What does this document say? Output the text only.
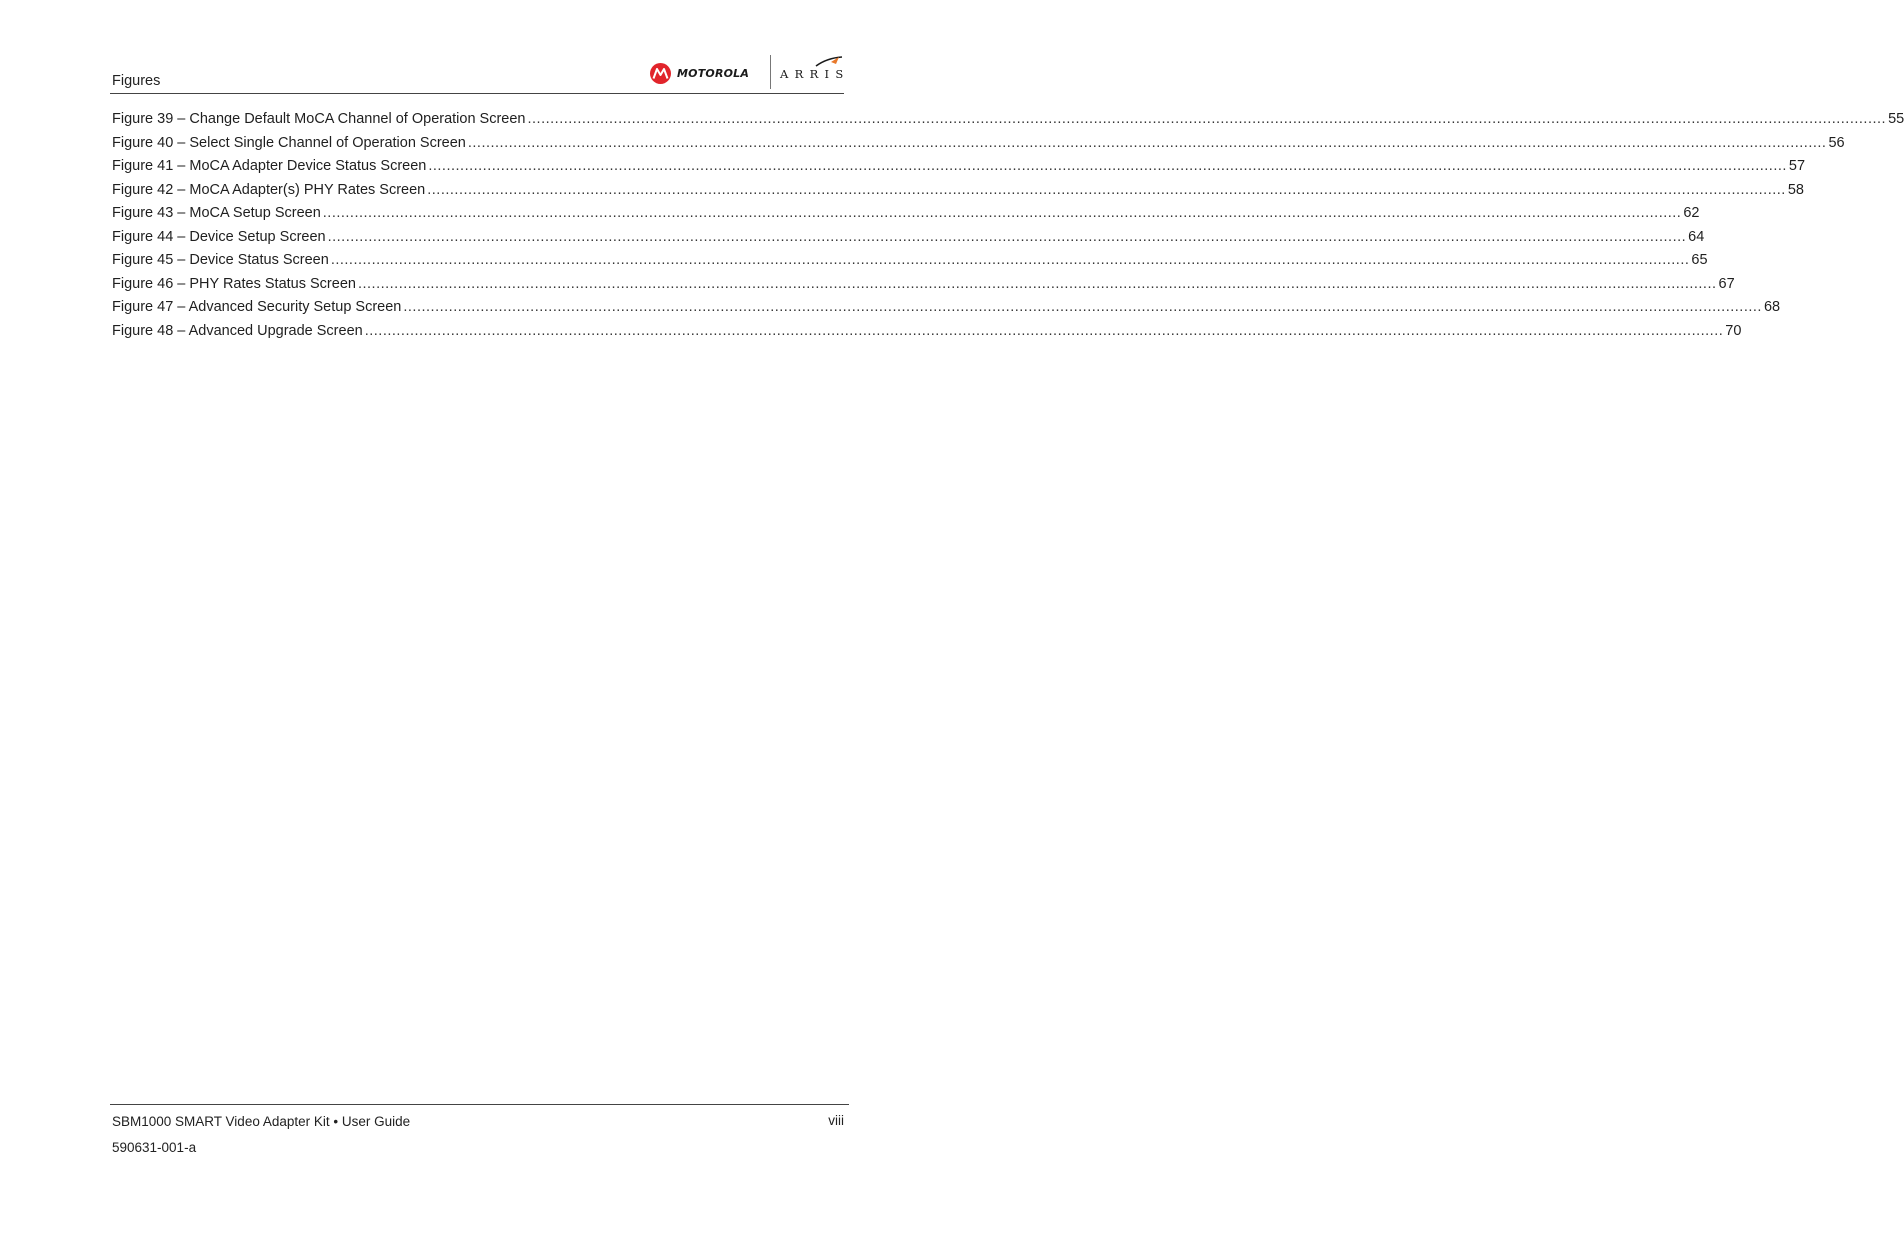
Figures	MOTOROLA	ARRIS
Figure 39 – Change Default MoCA Channel of Operation Screen ............................................................................................................................................................................................................................................................................................................ 55
Figure 40 – Select Single Channel of Operation Screen ............................................................................................................................................................................................................................................................................................................ 56
Figure 41 – MoCA Adapter Device Status Screen ............................................................................................................................................................................................................................................................................................................ 57
Figure 42 – MoCA Adapter(s) PHY Rates Screen ............................................................................................................................................................................................................................................................................................................ 58
Figure 43 – MoCA Setup Screen ............................................................................................................................................................................................................................................................................................................ 62
Figure 44 – Device Setup Screen ............................................................................................................................................................................................................................................................................................................ 64
Figure 45 – Device Status Screen ............................................................................................................................................................................................................................................................................................................ 65
Figure 46 – PHY Rates Status Screen ............................................................................................................................................................................................................................................................................................................ 67
Figure 47 – Advanced Security Setup Screen ............................................................................................................................................................................................................................................................................................................ 68
Figure 48 – Advanced Upgrade Screen ............................................................................................................................................................................................................................................................................................................ 70
SBM1000 SMART Video Adapter Kit • User Guide	viii
590631-001-a
